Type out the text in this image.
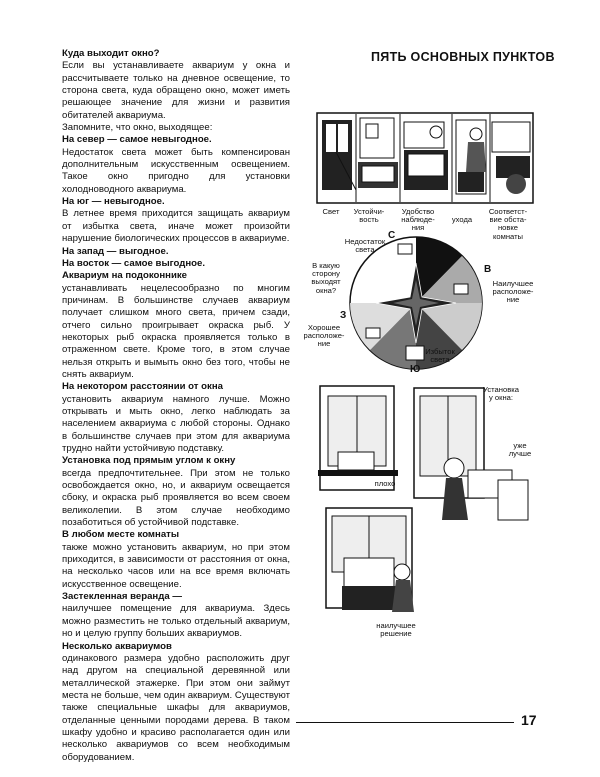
Куда выходит окно?

Если вы устанавливаете аквариум у окна и рассчитываете только на дневное освещение, то сторона света, куда обращено окно, может иметь решающее значение для жизни и развития обитателей аквариума.

Запомните, что окно, выходящее:

На север — самое невыгодное.

Недостаток света может быть компенсирован дополнительным искусственным освещением. Такое окно пригодно для установки холодноводного аквариума.

На юг — невыгодное.

В летнее время приходится защищать аквариум от избытка света, иначе может произойти нарушение биологических процессов в аквариуме.

На запад — выгодное.

На восток — самое выгодное.

Аквариум на подоконнике

устанавливать нецелесообразно по многим причинам. В большинстве случаев аквариум получает слишком много света, причем сзади, отчего сильно проигрывает окраска рыб. У некоторых рыб окраска проявляется только в отраженном свете. Кроме того, в этом случае нельзя открыть и вымыть окно без того, чтобы не снять аквариум.

На некотором расстоянии от окна

установить аквариум намного лучше. Можно открывать и мыть окно, легко наблюдать за населением аквариума с любой стороны. Однако в большинстве случаев при этом для аквариума трудно найти устойчивую подставку.

Установка под прямым углом к окну

всегда предпочтительнее. При этом не только освобождается окно, но, и аквариум освещается сбоку, и окраска рыб проявляется во всем своем великолепии. В этом случае необходимо позаботиться об устойчивой подставке.

В любом месте комнаты

также можно установить аквариум, но при этом приходится, в зависимости от расстояния от окна, на несколько часов или на все время включать искусственное освещение.

Застекленная веранда —

наилучшее помещение для аквариума. Здесь можно разместить не только отдельный аквариум, но и целую группу больших аквариумов.

Несколько аквариумов

одинакового размера удобно расположить друг над другом на специальной деревянной или металлической этажерке. При этом они займут места не больше, чем один аквариум. Существуют также специальные шкафы для аквариумов, отделанные ценными породами дерева. В таком шкафу удобно и красиво располагается один или несколько аквариумов со всем необходимым оборудованием.

ПЯТЬ ОСНОВНЫХ ПУНКТОВ
Свет	Устойчи-
вость
Удобство
наблюде-
ния
ухода
Соответст-
вие обста-
новке
комнаты
С
В
З
Ю
Недостаток
света
В какую
сторону
выходят
окна?
Наилучшее
расположе-
ние
Хорошее
расположе-
ние
Избыток
света
Установка
у окна:
уже
лучше
плохо
наилучшее
решение
17
